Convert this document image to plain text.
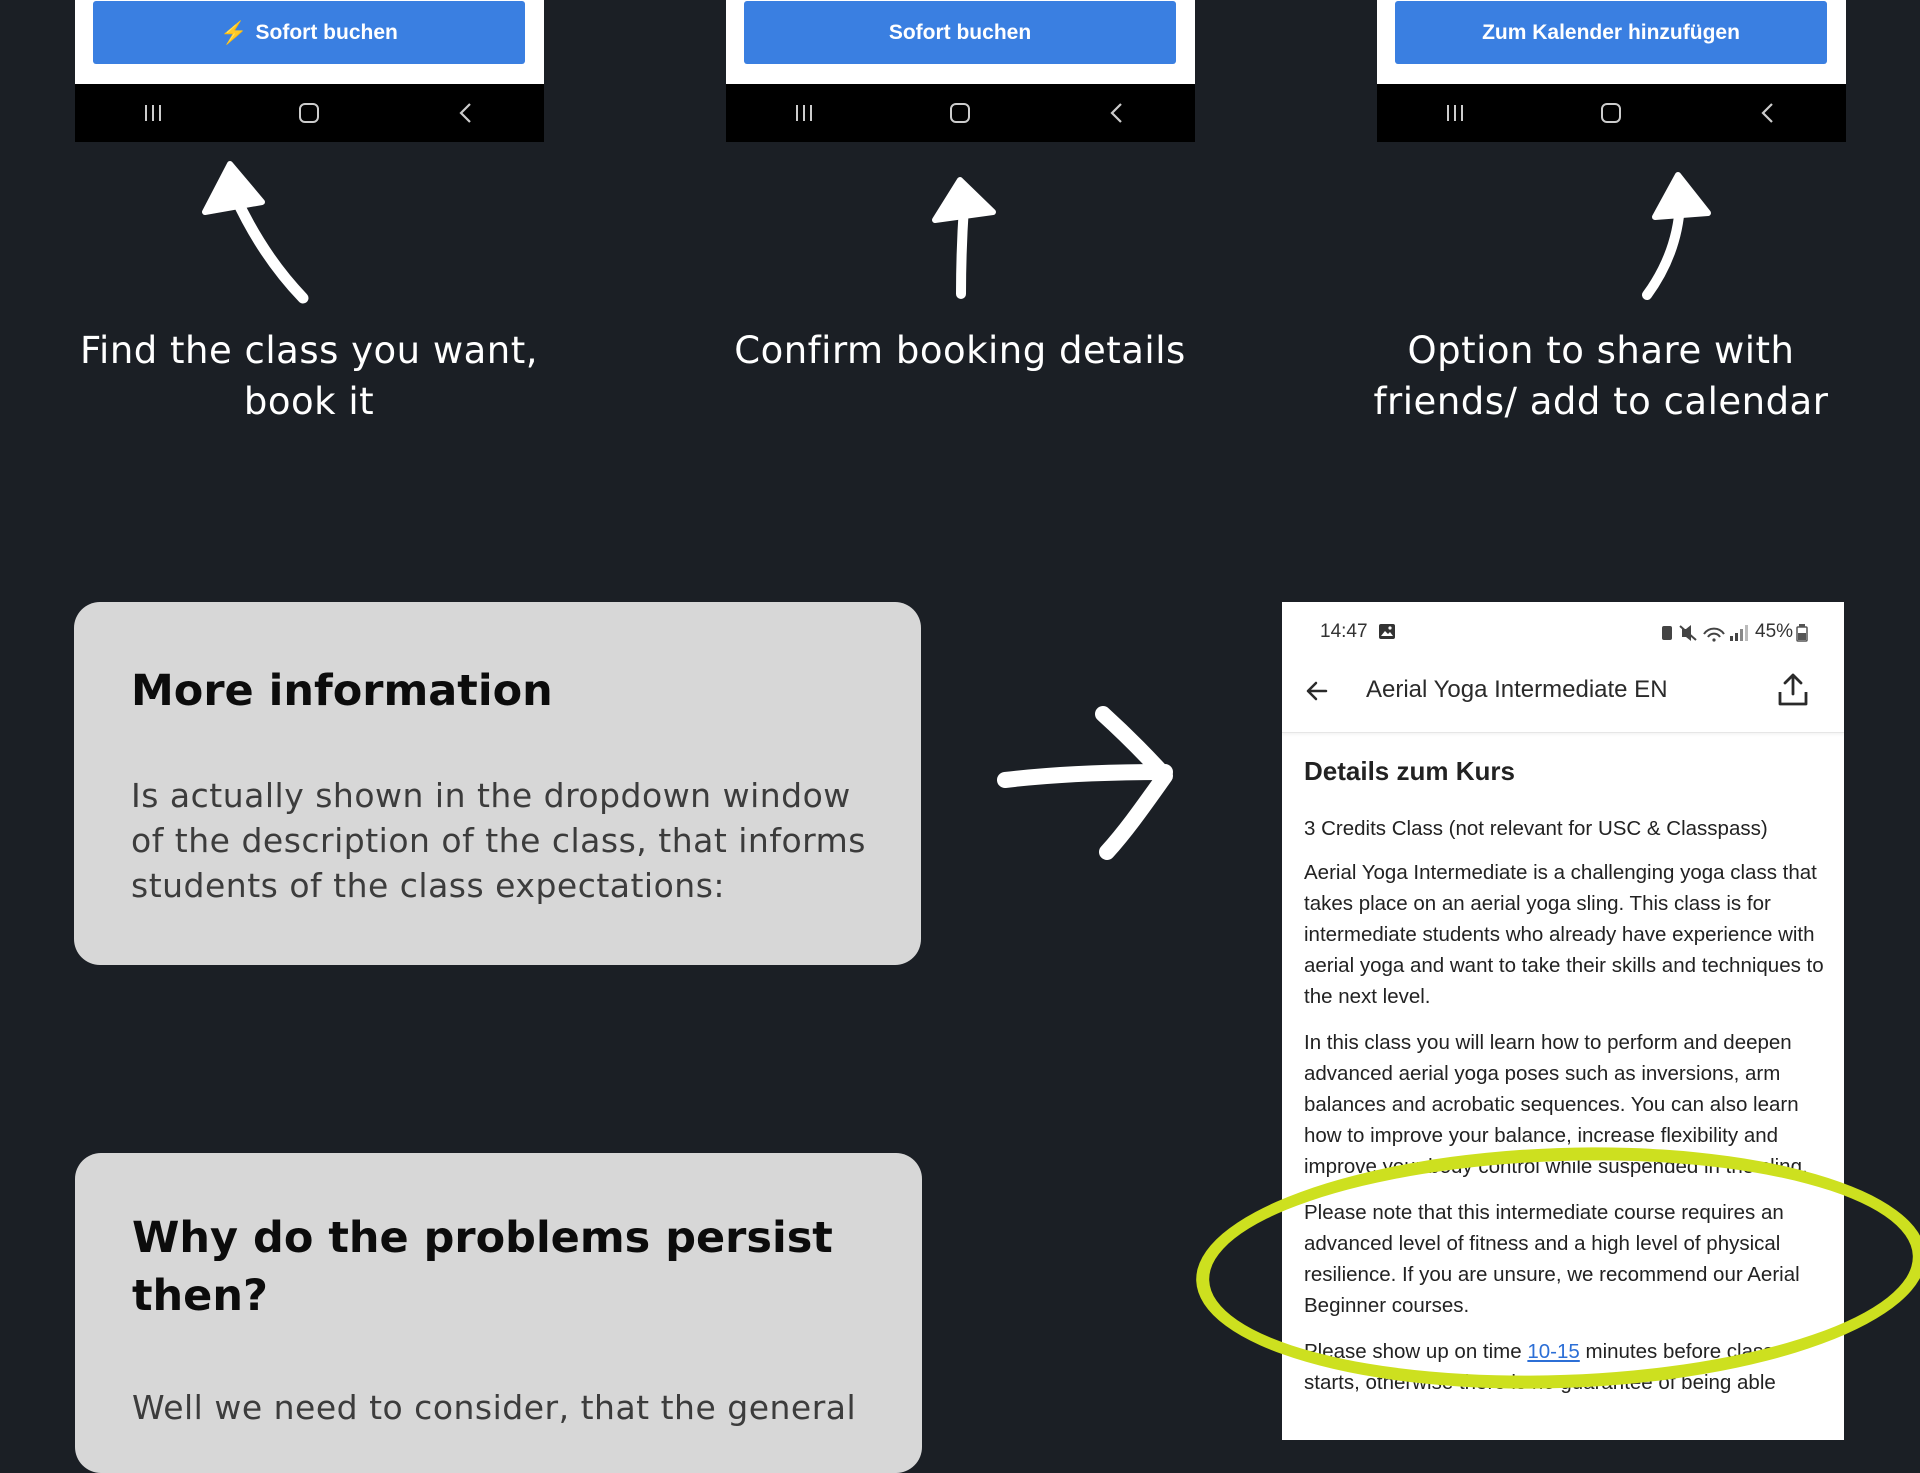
⚡ Sofort buchen	Sofort buchen	Zum Kalender hinzufügen
Find the class you want, book it
Confirm booking details	Option to share with friends/ add to calendar
More information

Is actually shown in the dropdown window of the description of the class, that informs students of the class expectations:

Why do the problems persist then?

Well we need to consider, that the general

14:47	45%
Aerial Yoga Intermediate EN
Details zum Kurs

3 Credits Class (not relevant for USC & Classpass)

Aerial Yoga Intermediate is a challenging yoga class that takes place on an aerial yoga sling. This class is for intermediate students who already have experience with aerial yoga and want to take their skills and techniques to the next level.

In this class you will learn how to perform and deepen advanced aerial yoga poses such as inversions, arm balances and acrobatic sequences. You can also learn how to improve your balance, increase flexibility and improve your body control while suspended in the sling.

Please note that this intermediate course requires an advanced level of fitness and a high level of physical resilience. If you are unsure, we recommend our Aerial Beginner courses.

Please show up on time 10-15 minutes before class starts, otherwise there is no guarantee of being able
